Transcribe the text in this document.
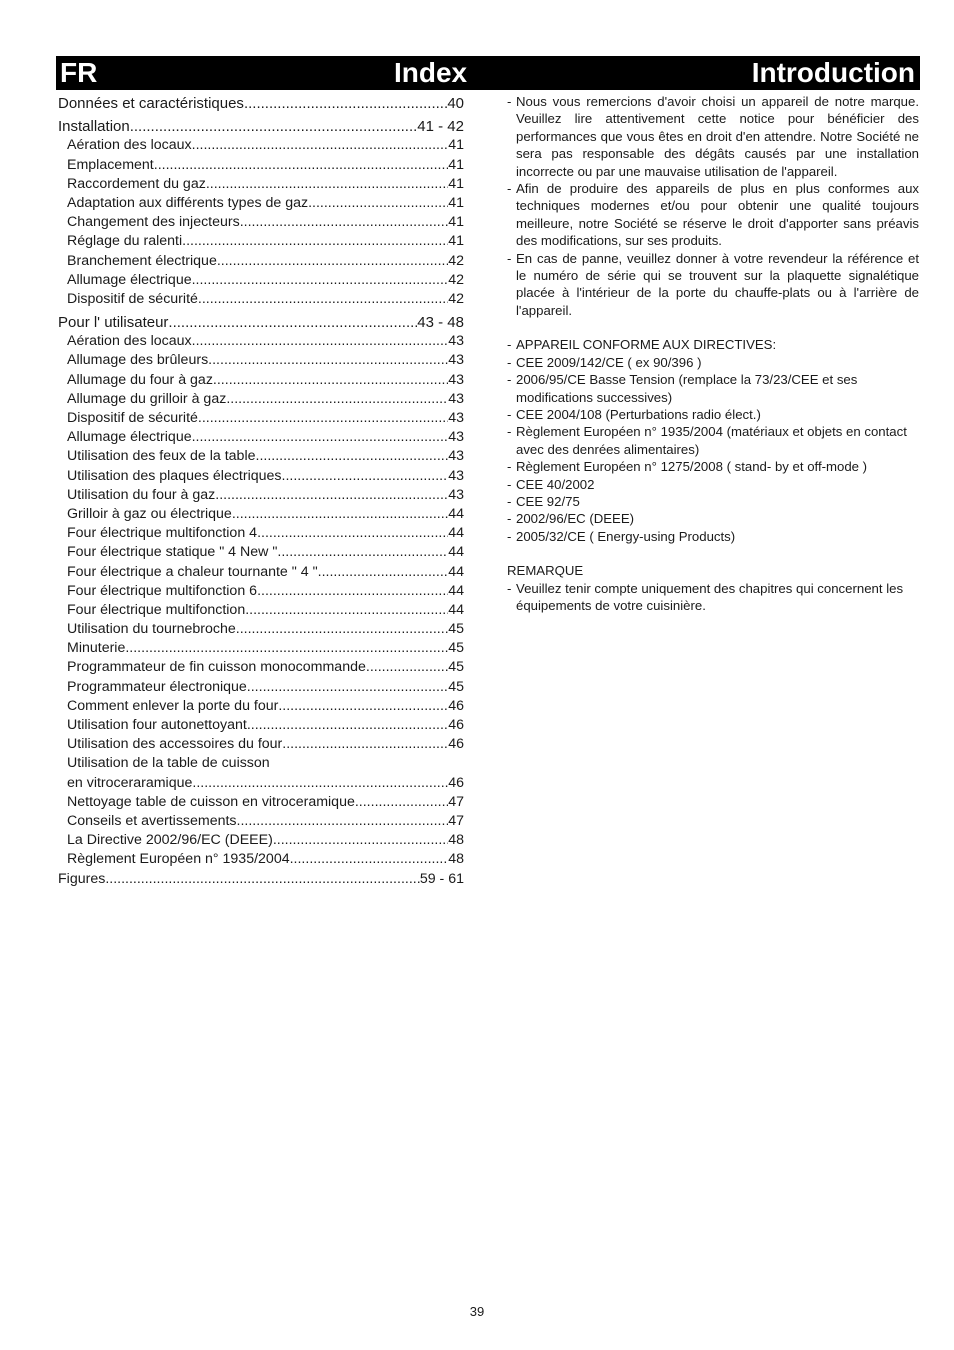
FR	Index	Introduction
Données et caractéristiques .....	40
Installation .....	41 - 42
Aération des locaux .....	41
Emplacement .....	41
Raccordement du gaz .....	41
Adaptation aux différents types de gaz .....	41
Changement des injecteurs .....	41
Réglage du ralenti .....	41
Branchement électrique .....	42
Allumage électrique .....	42
Dispositif de sécurité .....	42
Pour l' utilisateur .....	43 - 48
Aération des locaux .....	43
Allumage des brûleurs .....	43
Allumage du four à gaz .....	43
Allumage du grilloir à gaz .....	43
Dispositif de sécurité .....	43
Allumage électrique .....	43
Utilisation des feux de la table .....	43
Utilisation des plaques électriques .....	43
Utilisation du four à gaz .....	43
Grilloir à gaz ou électrique .....	44
Four électrique multifonction 4 .....	44
Four électrique statique " 4 New " .....	44
Four électrique a chaleur tournante " 4 " .....	44
Four électrique multifonction 6 .....	44
Four électrique multifonction .....	44
Utilisation du tournebroche .....	45
Minuterie .....	45
Programmateur de fin cuisson monocommande .....	45
Programmateur électronique .....	45
Comment enlever la porte du four .....	46
Utilisation four autonettoyant .....	46
Utilisation des accessoires du four .....	46
Utilisation de la table de cuisson
en vitroceraramique .....	46
Nettoyage table de cuisson en vitroceramique .....	47
Conseils et avertissements .....	47
La Directive 2002/96/EC (DEEE) .....	48
Règlement Européen n° 1935/2004 .....	48
Figures .....	59 - 61
- Nous vous remercions d'avoir choisi un appareil de notre marque. Veuillez lire attentivement cette notice pour bénéficier des performances que vous êtes en droit d'en attendre. Notre Société ne sera pas responsable des dégâts causés par une installation incorrecte ou par une mauvaise utilisation de l'appareil.
- Afin de produire des appareils de plus en plus conformes aux techniques modernes et/ou pour obtenir une qualité toujours meilleure, notre Société se réserve le droit d'apporter sans préavis des modifications, sur ses produits.
- En cas de panne, veuillez donner à votre revendeur la référence et le numéro de série qui se trouvent sur la plaquette signalétique placée à l'intérieur de la porte du chauffe-plats ou à l'arrière de l'appareil.
- APPAREIL CONFORME AUX DIRECTIVES:
- CEE 2009/142/CE ( ex 90/396 )
- 2006/95/CE Basse Tension (remplace la 73/23/CEE et ses modifications successives)
- CEE 2004/108 (Perturbations radio élect.)
- Règlement Européen n° 1935/2004 (matériaux et objets en contact avec des denrées alimentaires)
- Règlement Européen n° 1275/2008 ( stand- by et off-mode )
- CEE 40/2002
- CEE 92/75
- 2002/96/EC (DEEE)
- 2005/32/CE ( Energy-using Products)
REMARQUE
- Veuillez tenir compte uniquement des chapitres qui concernent les équipements de votre cuisinière.
39
